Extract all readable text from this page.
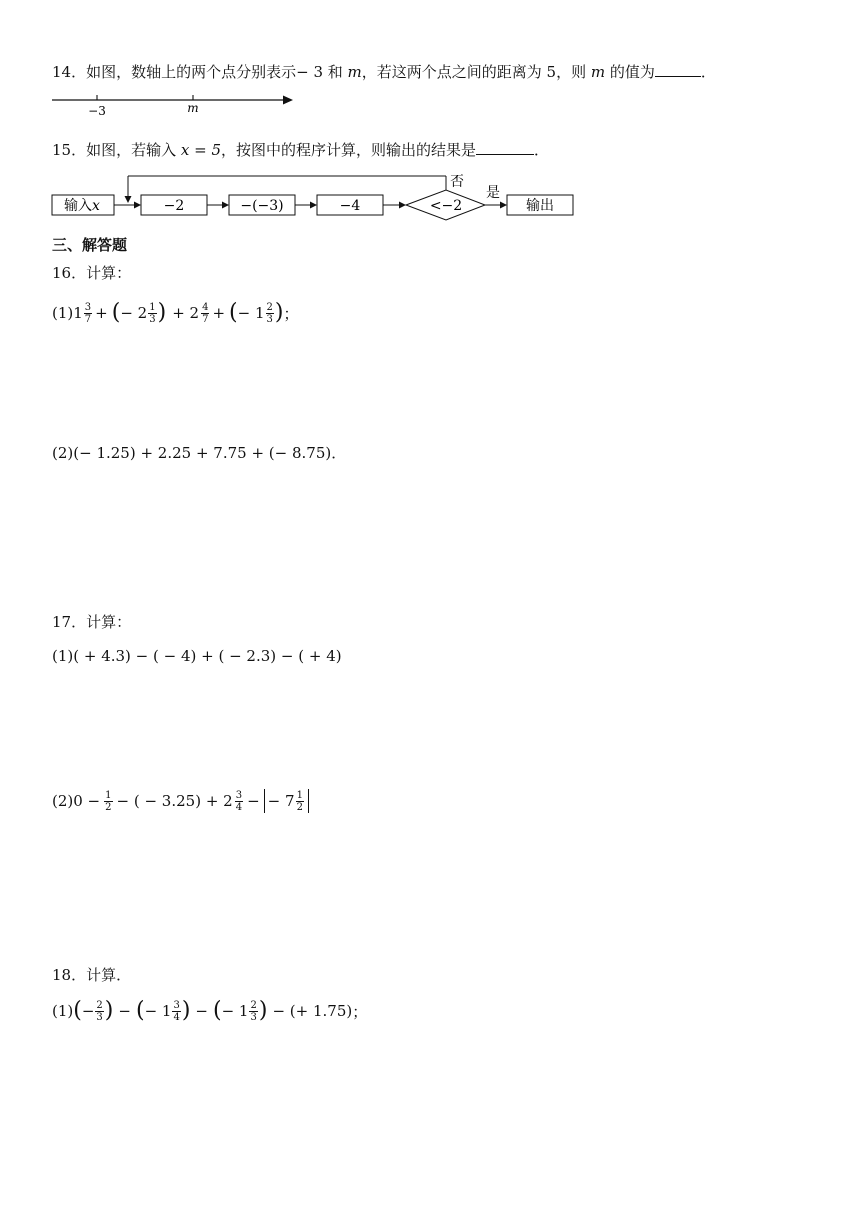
14．如图，数轴上的两个点分别表示− 3 和 m，若这两个点之间的距离为 5，则 m 的值为	．
−3	m
15．如图，若输入 x = 5，按图中的程序计算，则输出的结果是	．
输入x	−2	−(−3)	−4	<−2
否
是
输出
三、解答题
16．计算：
(1) $1 \frac{3}{7}$ + ( − $2 \frac{1}{3}$ ) + $2 \frac{4}{7}$ + ( − $1 \frac{2}{3}$ ) ；
(2)(− 1.25) + 2.25 + 7.75 + (− 8.75)．
17．计算：
(1)( + 4.3) − ( − 4) + ( − 2.3) − ( + 4)
(2) $0 - \frac{1}{2}$ − ( − $3.25) + 2 \frac{3}{4}$ − − $7 \frac{1}{2}$
18．计算．
(1) ( − $\frac{2}{3}$ ) − ( − $1 \frac{3}{4}$ ) − ( − $1 \frac{2}{3}$ ) − (+ 1.75) ；
